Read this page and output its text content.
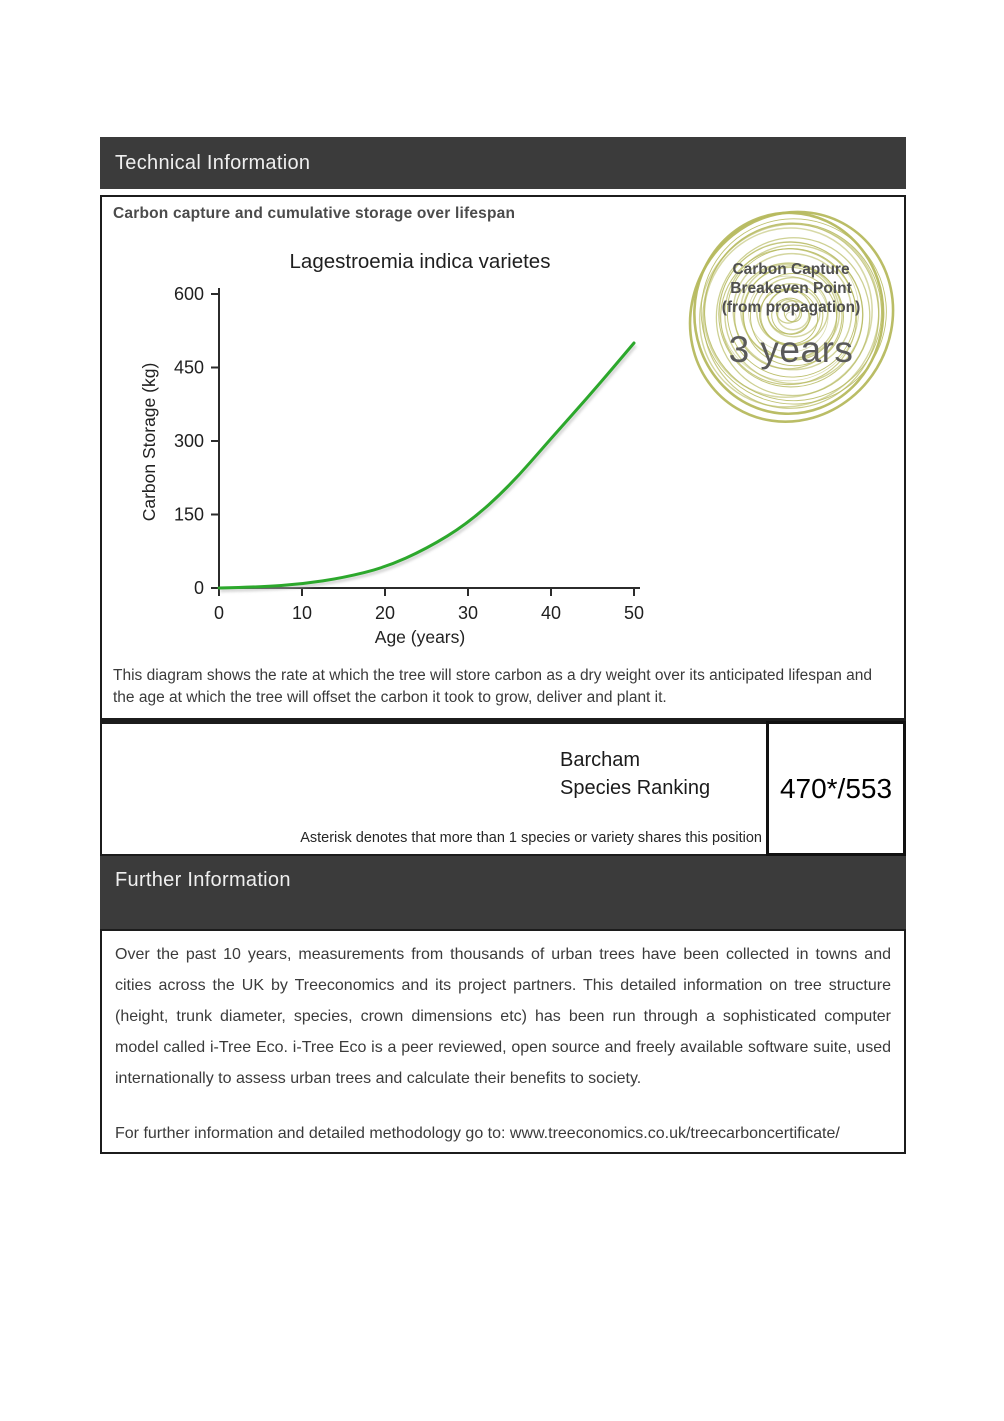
Technical Information
Carbon capture and cumulative storage over lifespan
Lagestroemia indica varietes
Carbon Storage (kg)
0	10	20	30	40	50
0
150
300
450
600
Age (years)
Carbon Capture
Breakeven Point
(from propagation)
3 years
This diagram shows the rate at which the tree will store carbon as a dry weight over its anticipated lifespan and the age at which the tree will offset the carbon it took to grow, deliver and plant it.
Barcham
Species Ranking
Asterisk denotes that more than 1 species or variety shares this position
470*/553
Further Information

Over the past 10 years, measurements from thousands of urban trees have been collected in towns and cities across the UK by Treeconomics and its project partners. This detailed information on tree structure (height, trunk diameter, species, crown dimensions etc) has been run through a sophisticated computer model called i-Tree Eco. i-Tree Eco is a peer reviewed, open source and freely available software suite, used internationally to assess urban trees and calculate their benefits to society.

For further information and detailed methodology go to: www.treeconomics.co.uk/treecarboncertificate/
